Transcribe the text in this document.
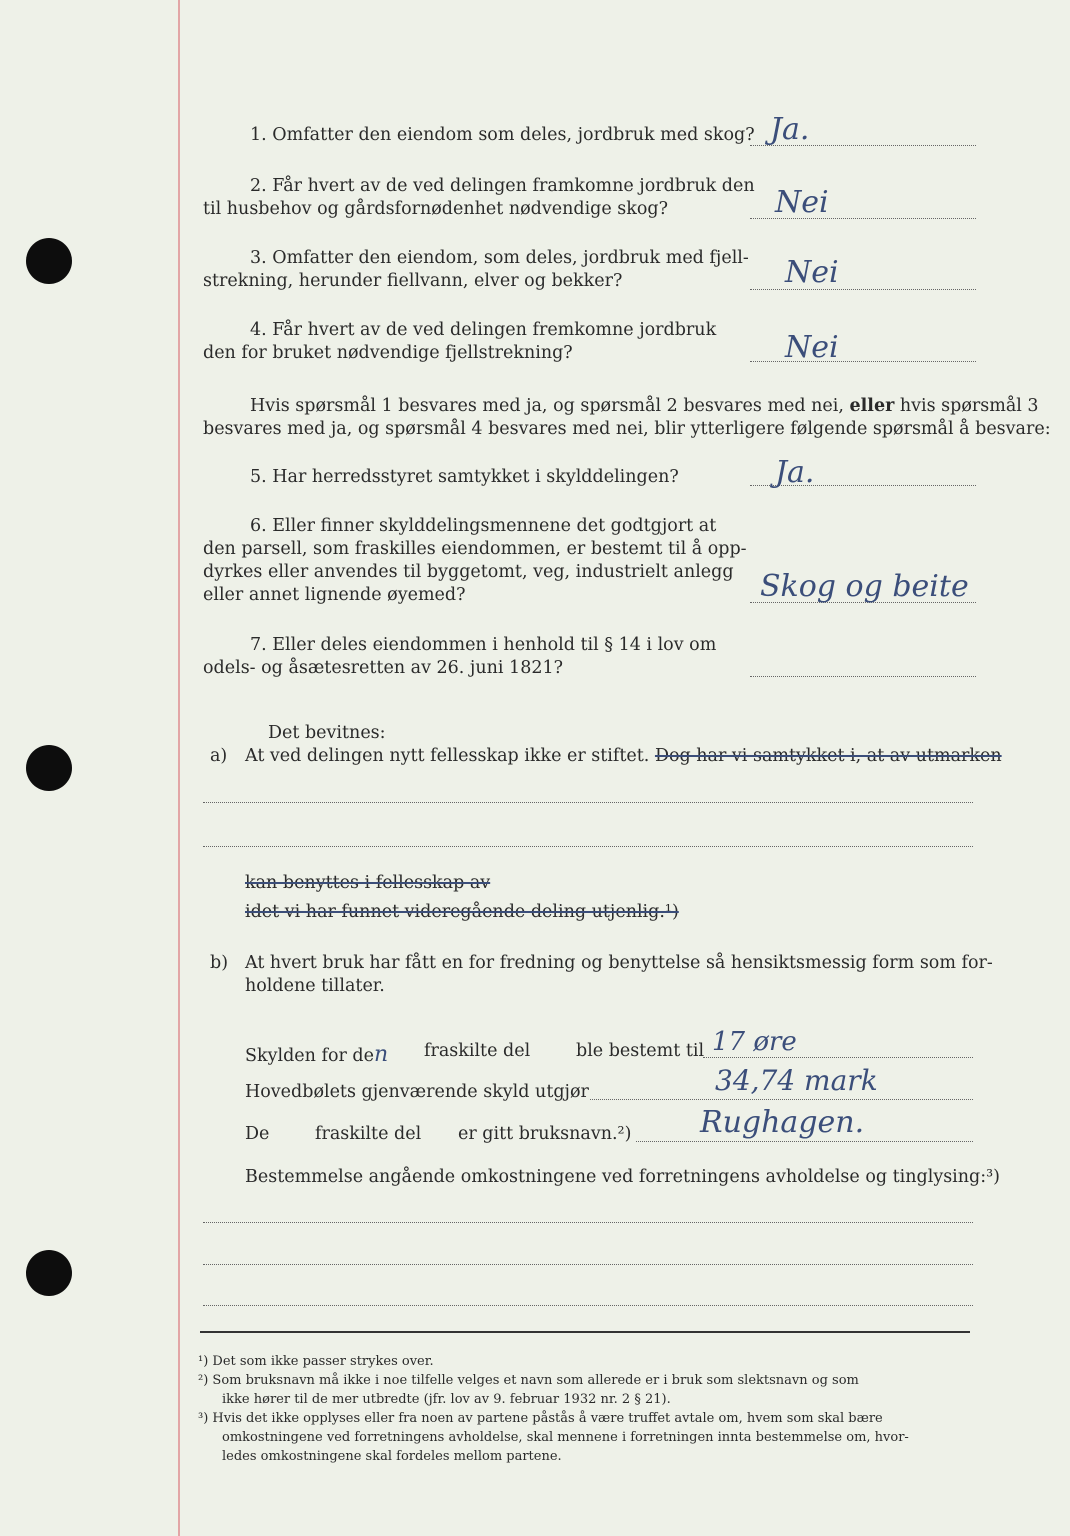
1. Omfatter den eiendom som deles, jordbruk med skog? Ja.
2. Får hvert av de ved delingen framkomne jordbruk den
til husbehov og gårdsfornødenhet nødvendige skog?	Nei
3. Omfatter den eiendom, som deles, jordbruk med fjell-
strekning, herunder fiellvann, elver og bekker?	Nei
4. Får hvert av de ved delingen fremkomne jordbruk
den for bruket nødvendige fjellstrekning?	Nei
Hvis spørsmål 1 besvares med ja, og spørsmål 2 besvares med nei, eller hvis spørsmål 3
besvares med ja, og spørsmål 4 besvares med nei, blir ytterligere følgende spørsmål å besvare:
5. Har herredsstyret samtykket i skylddelingen?	Ja.
6. Eller finner skylddelingsmennene det godtgjort at
den parsell, som fraskilles eiendommen, er bestemt til å opp-
dyrkes eller anvendes til byggetomt, veg, industrielt anlegg
eller annet lignende øyemed?	Skog og beite
7. Eller deles eiendommen i henhold til § 14 i lov om
odels- og åsætesretten av 26. juni 1821?
Det bevitnes:
a) At ved delingen nytt fellesskap ikke er stiftet. Dog har vi samtykket i, at av utmarken
kan benyttes i fellesskap av
idet vi har funnet videregående deling utjenlig.¹)
b) At hvert bruk har fått en for fredning og benyttelse så hensiktsmessig form som for-
holdene tillater.
Skylden for den fraskilte del	ble bestemt til 17 øre
Hovedbølets gjenværende skyld utgjør	34,74 mark
De	fraskilte del er gitt bruksnavn.²) Rughagen.
Bestemmelse angående omkostningene ved forretningens avholdelse og tinglysing:³)
¹) Det som ikke passer strykes over.
²) Som bruksnavn må ikke i noe tilfelle velges et navn som allerede er i bruk som slektsnavn og som
ikke hører til de mer utbredte (jfr. lov av 9. februar 1932 nr. 2 § 21).
³) Hvis det ikke opplyses eller fra noen av partene påstås å være truffet avtale om, hvem som skal bære
omkostningene ved forretningens avholdelse, skal mennene i forretningen innta bestemmelse om, hvor-
ledes omkostningene skal fordeles mellom partene.
